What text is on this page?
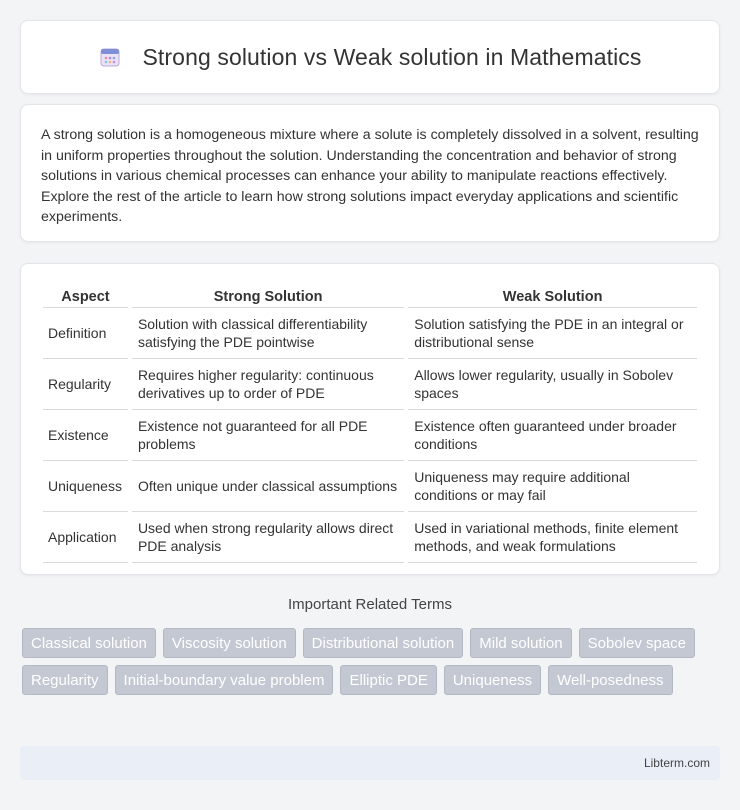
Strong solution vs Weak solution in Mathematics

A strong solution is a homogeneous mixture where a solute is completely dissolved in a solvent, resulting in uniform properties throughout the solution. Understanding the concentration and behavior of strong solutions in various chemical processes can enhance your ability to manipulate reactions effectively. Explore the rest of the article to learn how strong solutions impact everyday applications and scientific experiments.

Aspect	Strong Solution	Weak Solution
Definition	Solution with classical differentiability satisfying the PDE pointwise	Solution satisfying the PDE in an integral or distributional sense
Regularity	Requires higher regularity: continuous derivatives up to order of PDE	Allows lower regularity, usually in Sobolev spaces
Existence	Existence not guaranteed for all PDE problems	Existence often guaranteed under broader conditions
Uniqueness	Often unique under classical assumptions	Uniqueness may require additional conditions or may fail
Application	Used when strong regularity allows direct PDE analysis	Used in variational methods, finite element methods, and weak formulations
Important Related Terms
Classical solution	Viscosity solution	Distributional solution	Mild solution	Sobolev space
Regularity	Initial-boundary value problem	Elliptic PDE	Uniqueness	Well-posedness
Libterm.com
